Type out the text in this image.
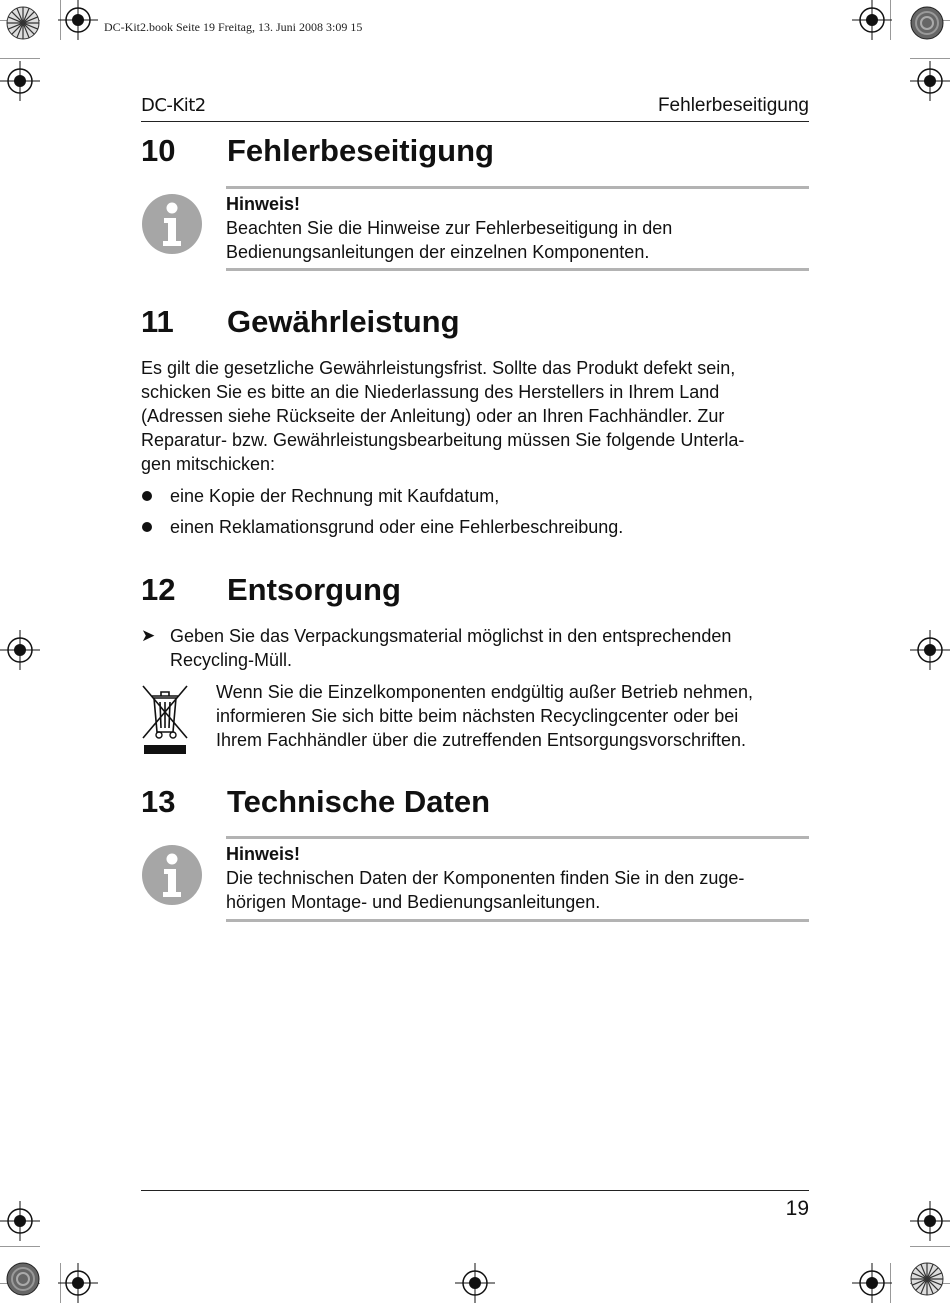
DC-Kit2.book Seite 19 Freitag, 13. Juni 2008 3:09 15
DC-Kit2	Fehlerbeseitigung
10 Fehlerbeseitigung
Hinweis!
Beachten Sie die Hinweise zur Fehlerbeseitigung in den
Bedienungsanleitungen der einzelnen Komponenten.
11 Gewährleistung
Es gilt die gesetzliche Gewährleistungsfrist. Sollte das Produkt defekt sein,
schicken Sie es bitte an die Niederlassung des Herstellers in Ihrem Land
(Adressen siehe Rückseite der Anleitung) oder an Ihren Fachhändler. Zur
Reparatur- bzw. Gewährleistungsbearbeitung müssen Sie folgende Unterla-
gen mitschicken:
eine Kopie der Rechnung mit Kaufdatum,
einen Reklamationsgrund oder eine Fehlerbeschreibung.
12 Entsorgung
➤ Geben Sie das Verpackungsmaterial möglichst in den entsprechenden
Recycling-Müll.
Wenn Sie die Einzelkomponenten endgültig außer Betrieb nehmen,
informieren Sie sich bitte beim nächsten Recyclingcenter oder bei
Ihrem Fachhändler über die zutreffenden Entsorgungsvorschriften.
13 Technische Daten
Hinweis!
Die technischen Daten der Komponenten finden Sie in den zuge-
hörigen Montage- und Bedienungsanleitungen.
19
